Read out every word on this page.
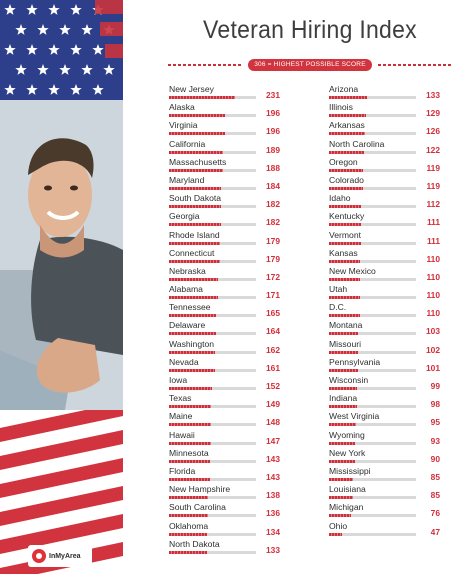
InMyArea
Veteran Hiring Index
306 = HIGHEST POSSIBLE SCORE
New Jersey
231
Alaska
196
Virginia
196
California
189
Massachusetts
188
Maryland
184
South Dakota
182
Georgia
182
Rhode Island
179
Connecticut
179
Nebraska
172
Alabama
171
Tennessee
165
Delaware
164
Washington
162
Nevada
161
Iowa
152
Texas
149
Maine
148
Hawaii
147
Minnesota
143
Florida
143
New Hampshire
138
South Carolina
136
Oklahoma
134
North Dakota
133
Arizona
133
Illinois
129
Arkansas
126
North Carolina
122
Oregon
119
Colorado
119
Idaho
112
Kentucky
111
Vermont
111
Kansas
110
New Mexico
110
Utah
110
D.C.
110
Montana
103
Missouri
102
Pennsylvania
101
Wisconsin
99
Indiana
98
West Virginia
95
Wyoming
93
New York
90
Mississippi
85
Louisiana
85
Michigan
76
Ohio
47
